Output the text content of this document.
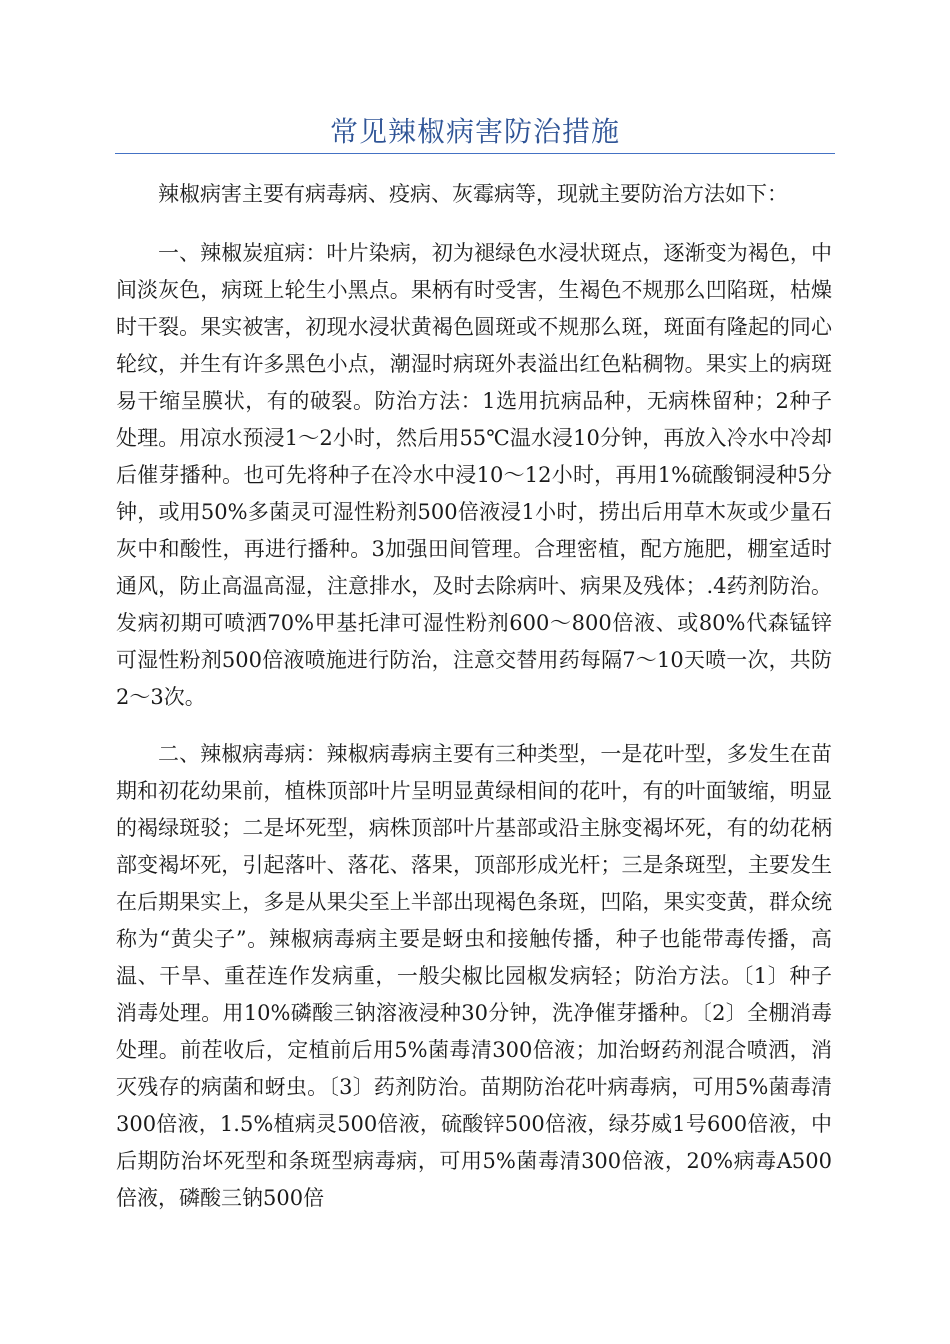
常见辣椒病害防治措施

辣椒病害主要有病毒病、疫病、灰霉病等，现就主要防治方法如下：

一、辣椒炭疽病：叶片染病，初为褪绿色水浸状斑点，逐渐变为褐色，中间淡灰色，病斑上轮生小黑点。果柄有时受害，生褐色不规那么凹陷斑，枯燥时干裂。果实被害，初现水浸状黄褐色圆斑或不规那么斑，斑面有隆起的同心轮纹，并生有许多黑色小点，潮湿时病斑外表溢出红色粘稠物。果实上的病斑易干缩呈膜状，有的破裂。防治方法：1选用抗病品种，无病株留种；2种子处理。用凉水预浸1～2小时，然后用55℃温水浸10分钟，再放入冷水中冷却后催芽播种。也可先将种子在冷水中浸10～12小时，再用1%硫酸铜浸种5分钟，或用50%多菌灵可湿性粉剂500倍液浸1小时，捞出后用草木灰或少量石灰中和酸性，再进行播种。3加强田间管理。合理密植，配方施肥，棚室适时通风，防止高温高湿，注意排水，及时去除病叶、病果及残体；.4药剂防治。发病初期可喷洒70%甲基托津可湿性粉剂600～800倍液、或80%代森锰锌可湿性粉剂500倍液喷施进行防治，注意交替用药每隔7～10天喷一次，共防2～3次。

二、辣椒病毒病：辣椒病毒病主要有三种类型，一是花叶型，多发生在苗期和初花幼果前，植株顶部叶片呈明显黄绿相间的花叶，有的叶面皱缩，明显的褐绿斑驳；二是坏死型，病株顶部叶片基部或沿主脉变褐坏死，有的幼花柄部变褐坏死，引起落叶、落花、落果，顶部形成光杆；三是条斑型，主要发生在后期果实上，多是从果尖至上半部出现褐色条斑，凹陷，果实变黄，群众统称为“黄尖子”。辣椒病毒病主要是蚜虫和接触传播，种子也能带毒传播，高温、干旱、重茬连作发病重，一般尖椒比园椒发病轻；防治方法。〔1〕种子消毒处理。用10%磷酸三钠溶液浸种30分钟，洗净催芽播种。〔2〕全棚消毒处理。前茬收后，定植前后用5%菌毒清300倍液；加治蚜药剂混合喷洒，消灭残存的病菌和蚜虫。〔3〕药剂防治。苗期防治花叶病毒病，可用5%菌毒清300倍液，1.5%植病灵500倍液，硫酸锌500倍液，绿芬威1号600倍液，中后期防治坏死型和条斑型病毒病，可用5%菌毒清300倍液，20%病毒A500倍液，磷酸三钠500倍
